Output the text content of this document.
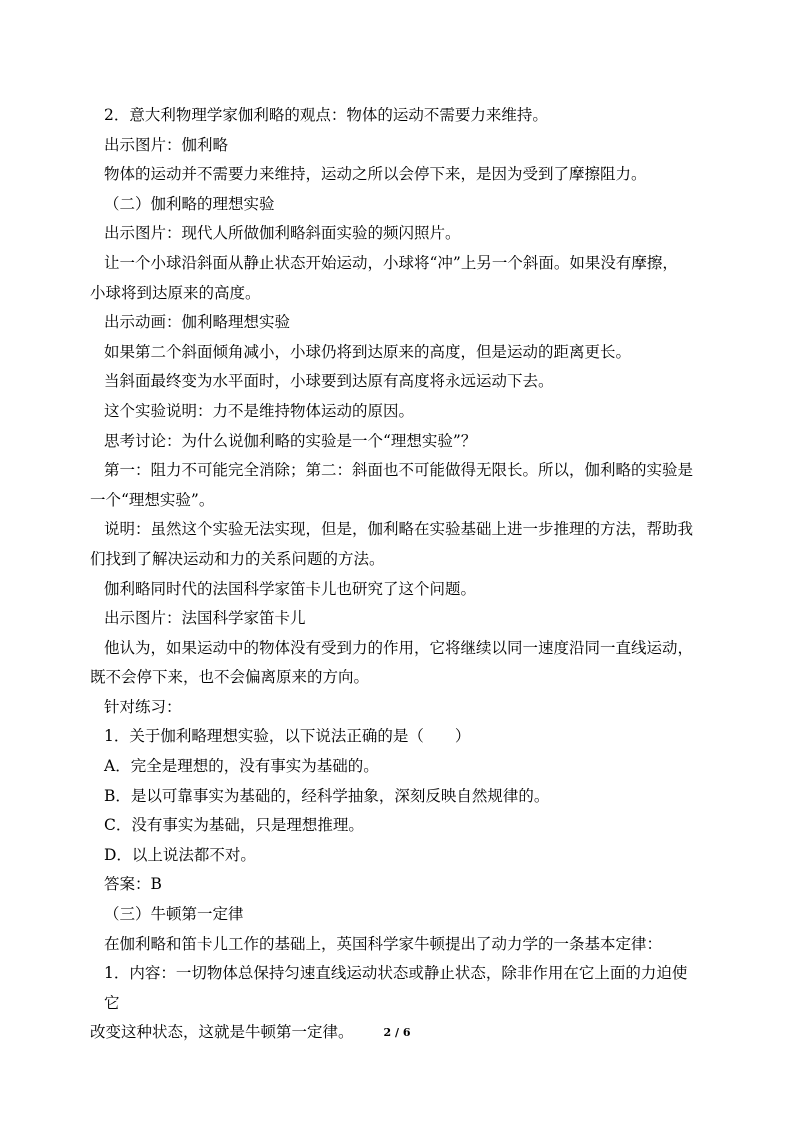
2．意大利物理学家伽利略的观点：物体的运动不需要力来维持。

出示图片：伽利略

物体的运动并不需要力来维持，运动之所以会停下来，是因为受到了摩擦阻力。

（二）伽利略的理想实验

出示图片：现代人所做伽利略斜面实验的频闪照片。

让一个小球沿斜面从静止状态开始运动，小球将“冲”上另一个斜面。如果没有摩擦，

小球将到达原来的高度。

出示动画：伽利略理想实验

如果第二个斜面倾角减小，小球仍将到达原来的高度，但是运动的距离更长。

当斜面最终变为水平面时，小球要到达原有高度将永远运动下去。

这个实验说明：力不是维持物体运动的原因。

思考讨论：为什么说伽利略的实验是一个“理想实验”？

第一：阻力不可能完全消除；第二：斜面也不可能做得无限长。所以，伽利略的实验是

一个“理想实验”。

说明：虽然这个实验无法实现，但是，伽利略在实验基础上进一步推理的方法，帮助我

们找到了解决运动和力的关系问题的方法。

伽利略同时代的法国科学家笛卡儿也研究了这个问题。

出示图片：法国科学家笛卡儿

他认为，如果运动中的物体没有受到力的作用，它将继续以同一速度沿同一直线运动，

既不会停下来，也不会偏离原来的方向。

针对练习：

1．关于伽利略理想实验，以下说法正确的是（　　）

A．完全是理想的，没有事实为基础的。

B．是以可靠事实为基础的，经科学抽象，深刻反映自然规律的。

C．没有事实为基础，只是理想推理。

D．以上说法都不对。

答案：B

（三）牛顿第一定律

在伽利略和笛卡儿工作的基础上，英国科学家牛顿提出了动力学的一条基本定律：

1．内容：一切物体总保持匀速直线运动状态或静止状态，除非作用在它上面的力迫使它

改变这种状态，这就是牛顿第一定律。	2 / 6
